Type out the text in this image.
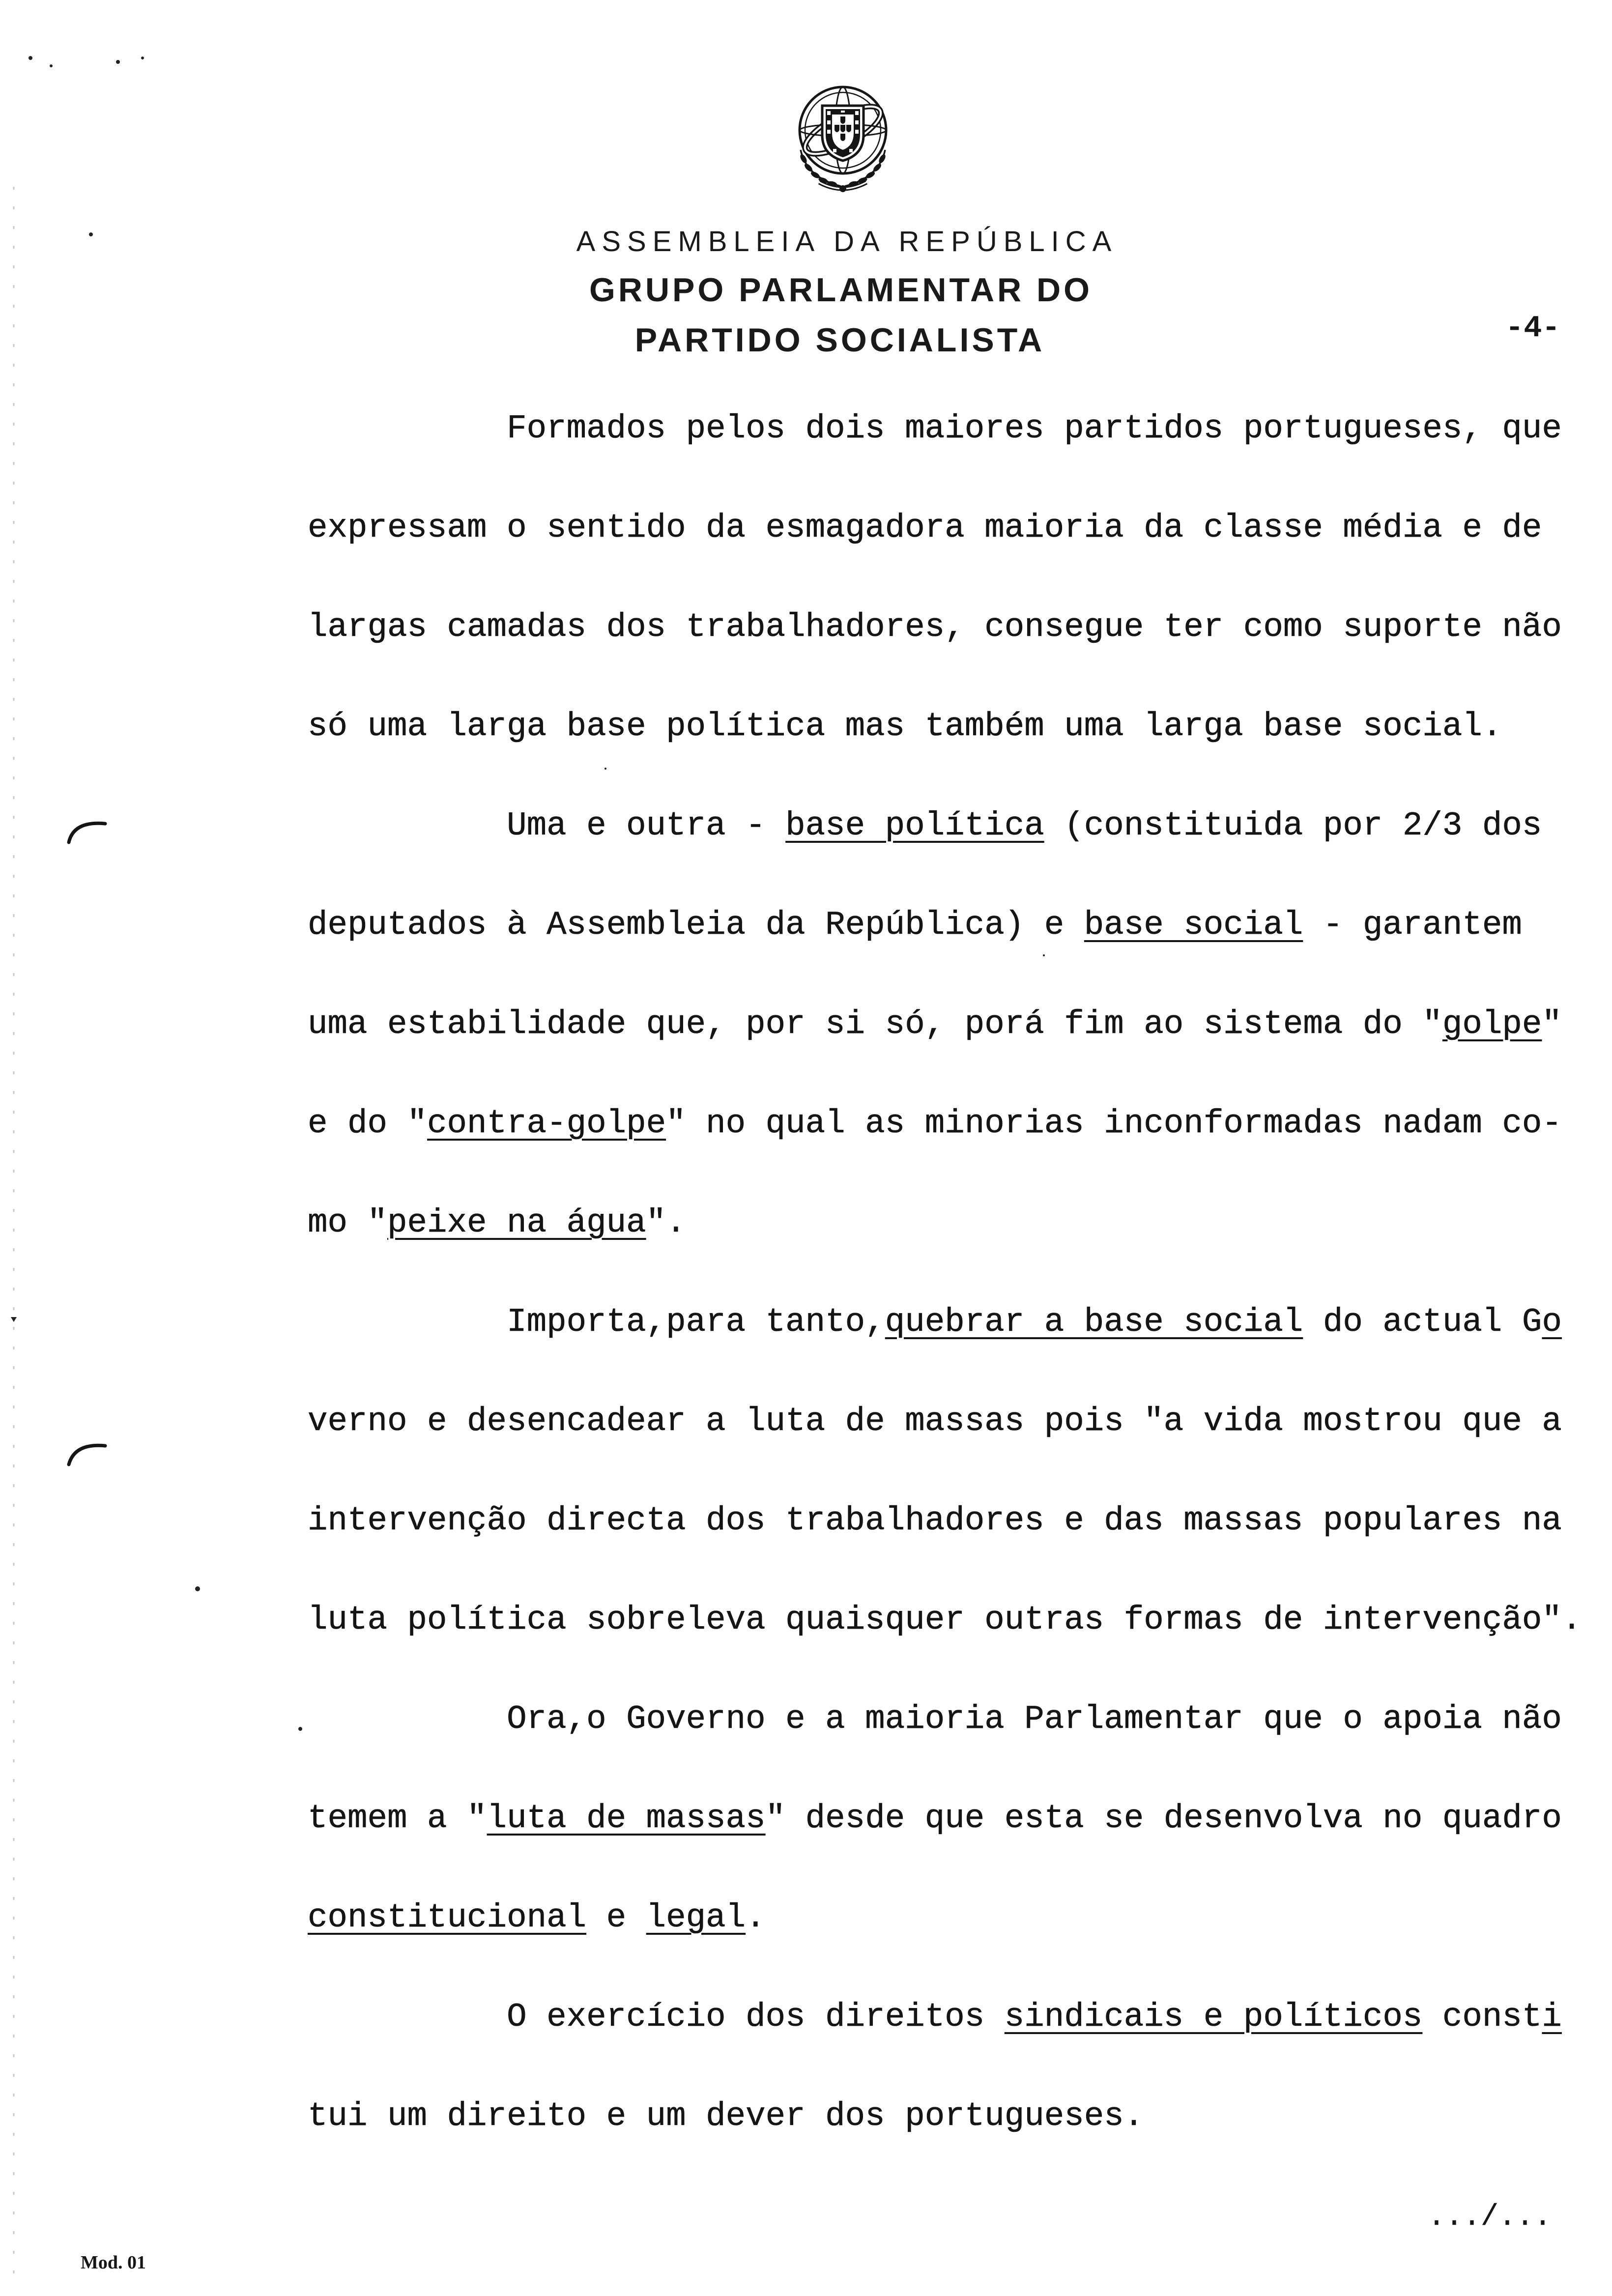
ASSEMBLEIA DA REPÚBLICA
GRUPO PARLAMENTAR DO
PARTIDO SOCIALISTA	-4-
Formados pelos dois maiores partidos portugueses, que
expressam o sentido da esmagadora maioria da classe média e de
largas camadas dos trabalhadores, consegue ter como suporte não
só uma larga base política mas também uma larga base social.
Uma e outra - base política (constituida por 2/3 dos
deputados à Assembleia da República) e base social - garantem
uma estabilidade que, por si só, porá fim ao sistema do "golpe"
e do "contra-golpe" no qual as minorias inconformadas nadam co-
mo "peixe na água".
Importa,para tanto,quebrar a base social do actual Go
verno e desencadear a luta de massas pois "a vida mostrou que a
intervenção directa dos trabalhadores e das massas populares na
luta política sobreleva quaisquer outras formas de intervenção".
Ora,o Governo e a maioria Parlamentar que o apoia não
temem a "luta de massas" desde que esta se desenvolva no quadro
constitucional e legal.
O exercício dos direitos sindicais e políticos consti
tui um direito e um dever dos portugueses.
.../...
Mod. 01
